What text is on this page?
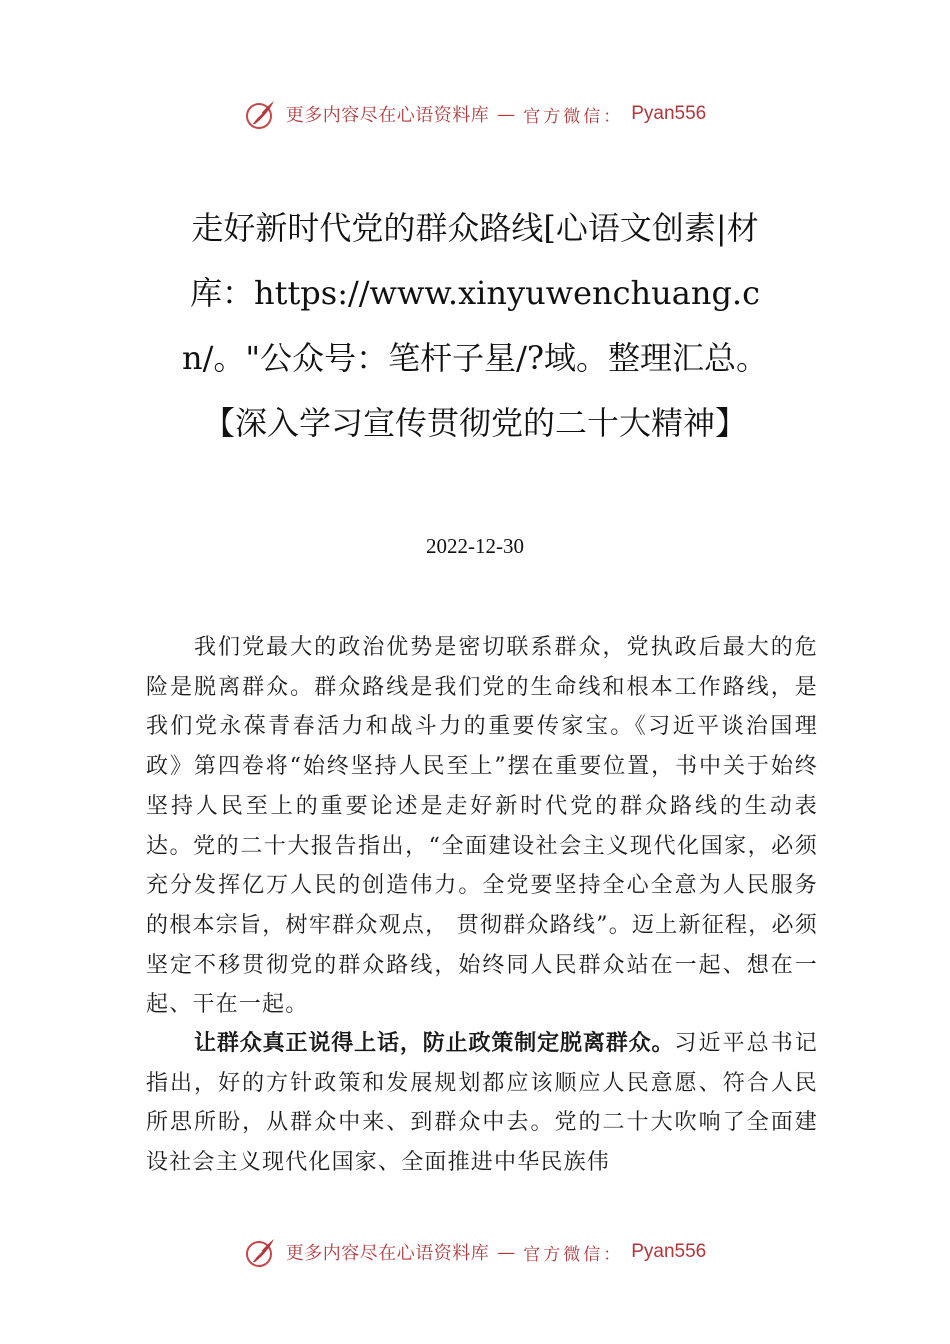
更多内容尽在心语资料库 — 官方微信： Pyan556
走好新时代党的群众路线[心语文创素|材库：https://www.xinyuwenchuang.cn/。"公众号：笔杆子星/?域。整理汇总。【深入学习宣传贯彻党的二十大精神】
2022-12-30
我们党最大的政治优势是密切联系群众，党执政后最大的危险是脱离群众。群众路线是我们党的生命线和根本工作路线，是我们党永葆青春活力和战斗力的重要传家宝。《习近平谈治国理政》第四卷将“始终坚持人民至上”摆在重要位置，书中关于始终坚持人民至上的重要论述是走好新时代党的群众路线的生动表达。党的二十大报告指出，“全面建设社会主义现代化国家，必须充分发挥亿万人民的创造伟力。全党要坚持全心全意为人民服务的根本宗旨，树牢群众观点， 贯彻群众路线”。迈上新征程，必须坚定不移贯彻党的群众路线，始终同人民群众站在一起、想在一起、干在一起。
让群众真正说得上话，防止政策制定脱离群众。习近平总书记指出，好的方针政策和发展规划都应该顺应人民意愿、符合人民所思所盼，从群众中来、到群众中去。党的二十大吹响了全面建设社会主义现代化国家、全面推进中华民族伟
更多内容尽在心语资料库 — 官方微信： Pyan556
